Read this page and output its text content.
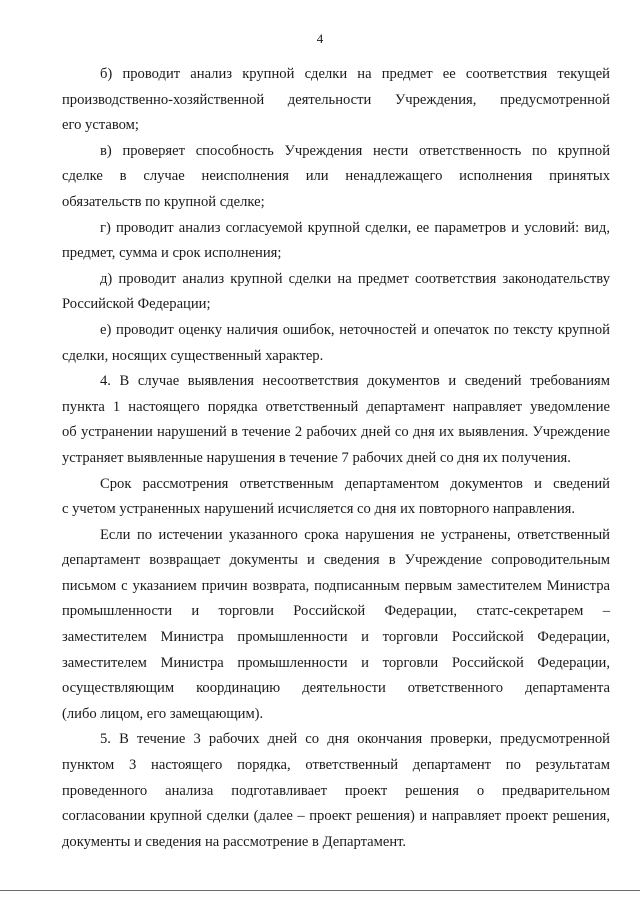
4

б) проводит анализ крупной сделки на предмет ее соответствия текущей
производственно-хозяйственной деятельности Учреждения, предусмотренной
его уставом;

в) проверяет способность Учреждения нести ответственность по крупной
сделке в случае неисполнения или ненадлежащего исполнения принятых
обязательств по крупной сделке;

г) проводит анализ согласуемой крупной сделки, ее параметров и условий: вид,
предмет, сумма и срок исполнения;

д) проводит анализ крупной сделки на предмет соответствия законодательству
Российской Федерации;

е) проводит оценку наличия ошибок, неточностей и опечаток по тексту крупной
сделки, носящих существенный характер.

4. В случае выявления несоответствия документов и сведений требованиям
пункта 1 настоящего порядка ответственный департамент направляет уведомление
об устранении нарушений в течение 2 рабочих дней со дня их выявления. Учреждение
устраняет выявленные нарушения в течение 7 рабочих дней со дня их получения.

Срок рассмотрения ответственным департаментом документов и сведений
с учетом устраненных нарушений исчисляется со дня их повторного направления.

Если по истечении указанного срока нарушения не устранены, ответственный
департамент возвращает документы и сведения в Учреждение сопроводительным
письмом с указанием причин возврата, подписанным первым заместителем Министра
промышленности и торговли Российской Федерации, статс-секретарем –
заместителем Министра промышленности и торговли Российской Федерации,
заместителем Министра промышленности и торговли Российской Федерации,
осуществляющим координацию деятельности ответственного департамента
(либо лицом, его замещающим).

5. В течение 3 рабочих дней со дня окончания проверки, предусмотренной
пунктом 3 настоящего порядка, ответственный департамент по результатам
проведенного анализа подготавливает проект решения о предварительном
согласовании крупной сделки (далее – проект решения) и направляет проект решения,
документы и сведения на рассмотрение в Департамент.
